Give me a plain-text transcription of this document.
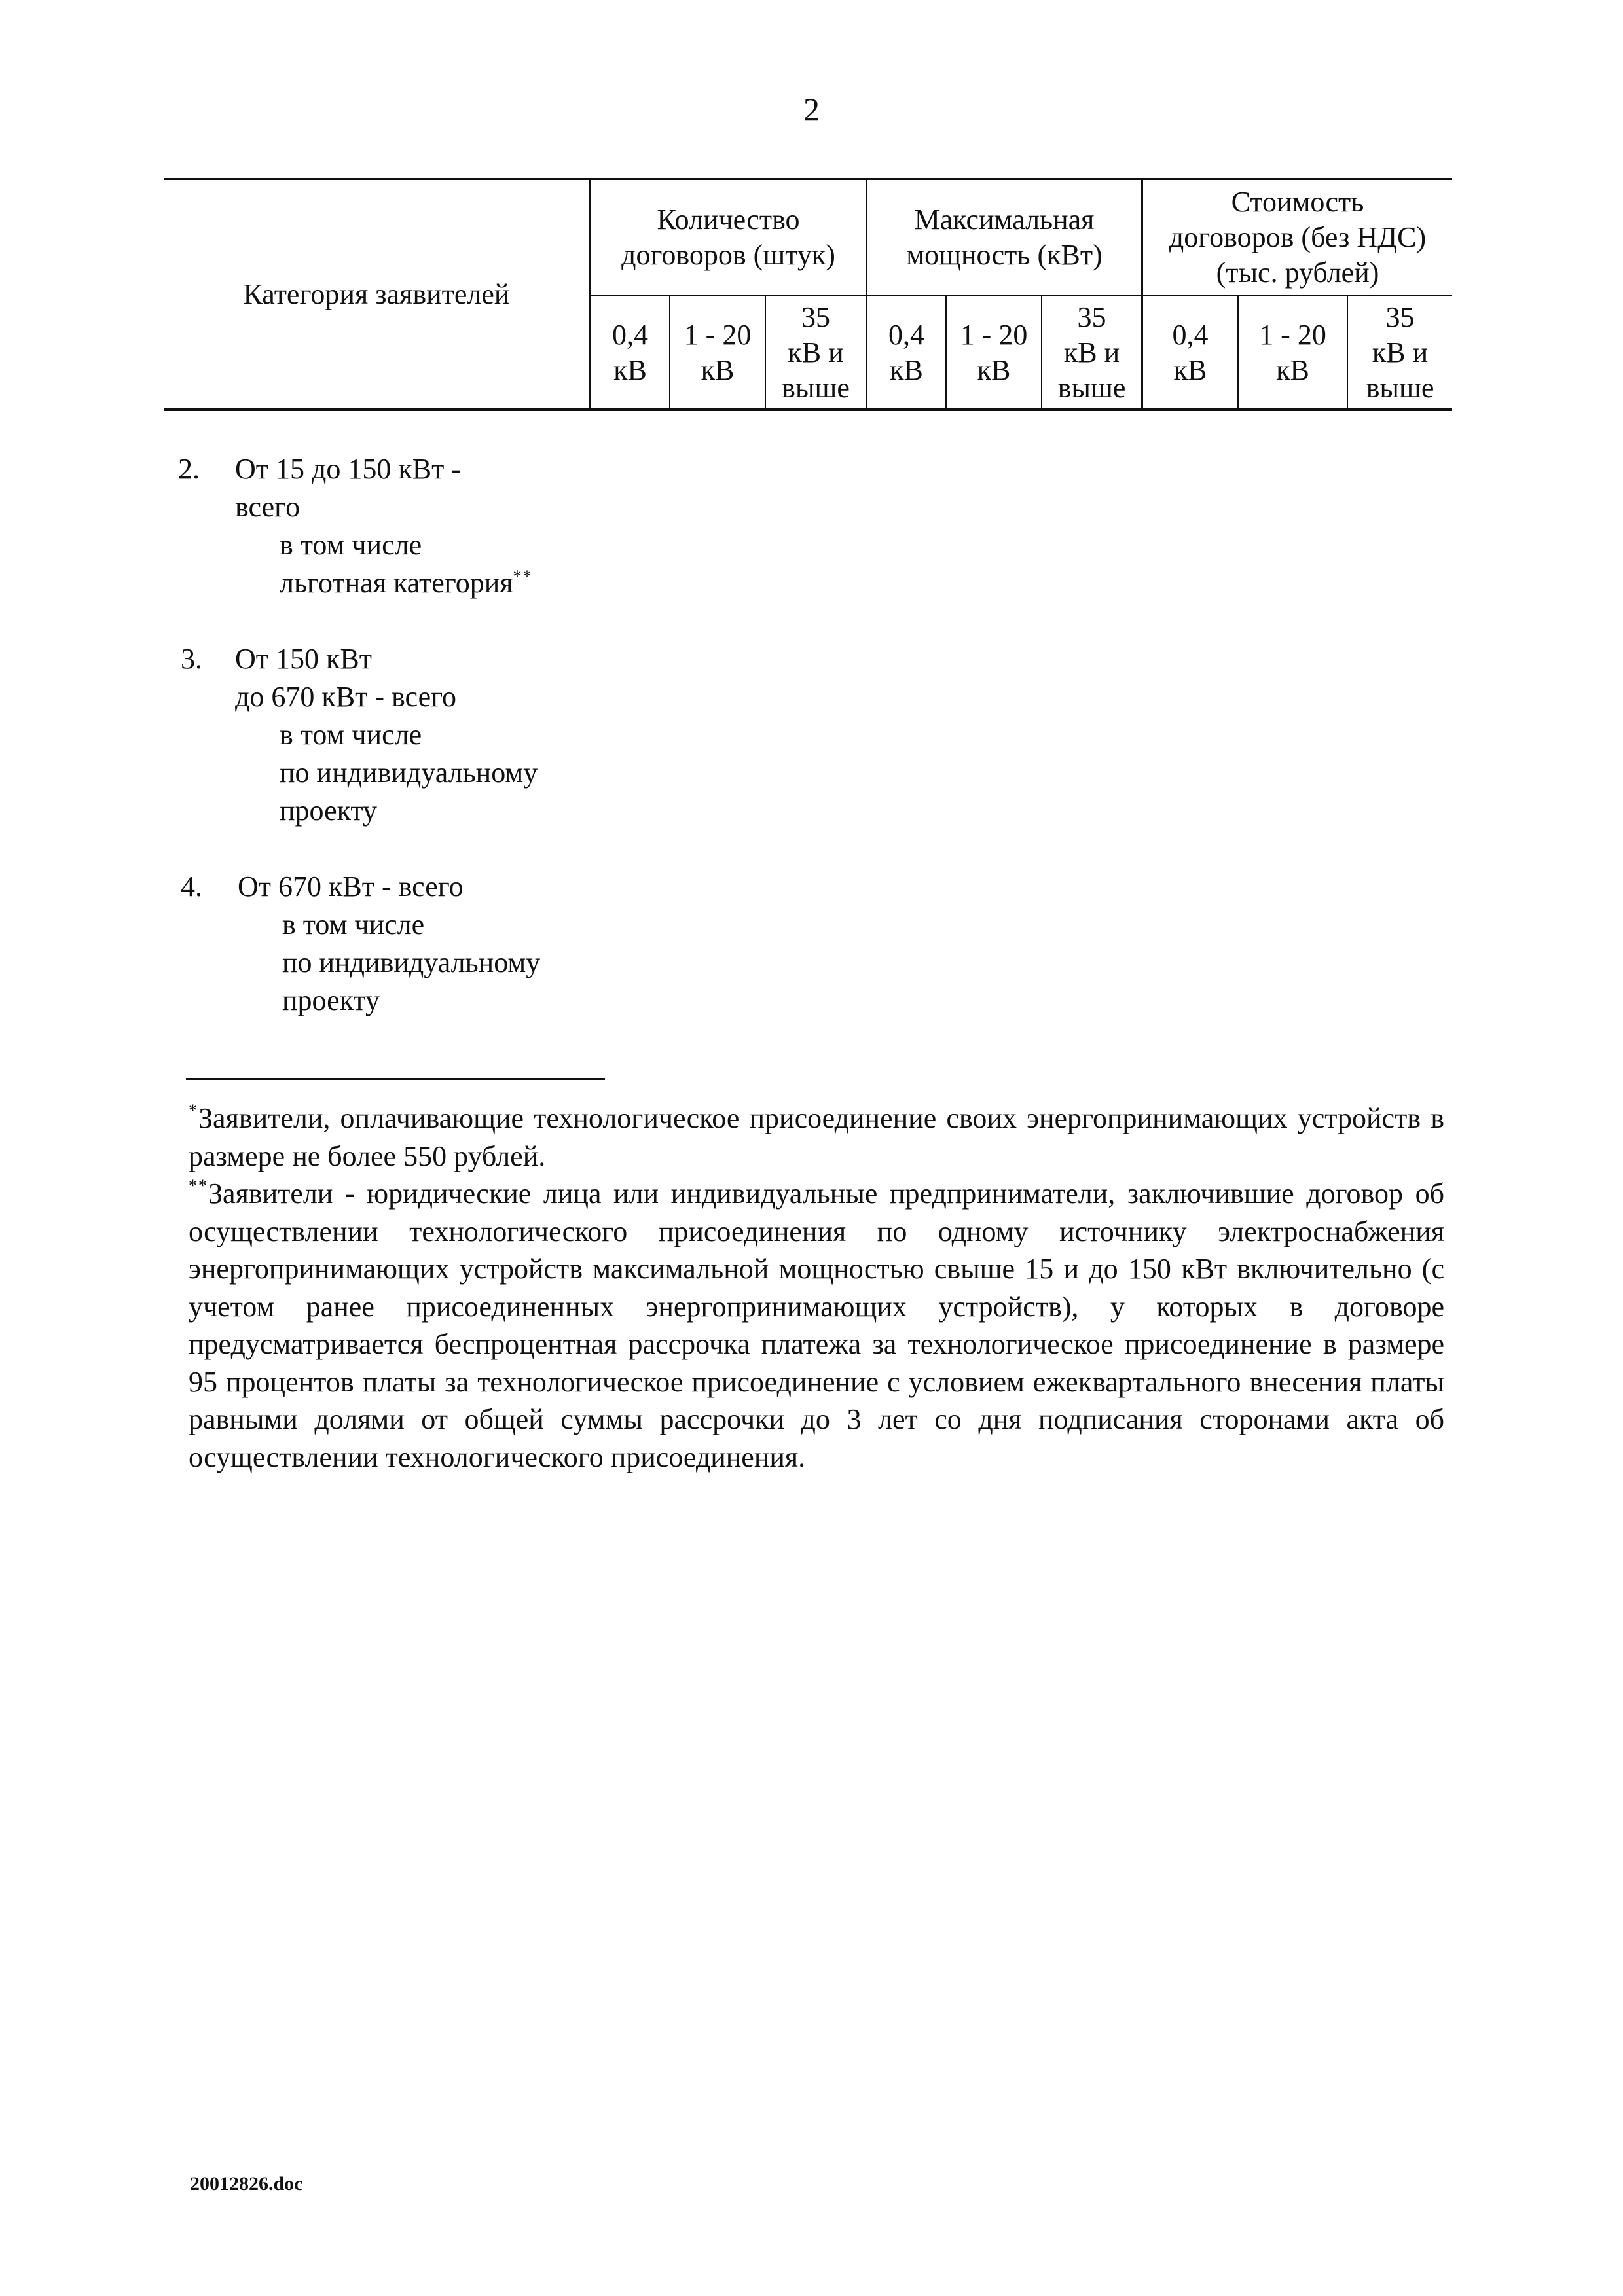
2
Категория заявителей
Количество
договоров (штук)
Максимальная
мощность (кВт)
Стоимость
договоров (без НДС)
(тыс. рублей)
0,4
кВ
1 - 20
кВ
35
кВ и
выше
0,4
кВ
1 - 20
кВ
35
кВ и
выше
0,4
кВ
1 - 20
кВ
35
кВ и
выше
2. От 15 до 150 кВт -
всего
в том числе
льготная категория**
3. От 150 кВт
до 670 кВт - всего
в том числе
по индивидуальному
проекту
4. От 670 кВт - всего
в том числе
по индивидуальному
проекту
*Заявители, оплачивающие технологическое присоединение своих энергопринимающих устройств в размере не более 550 рублей.
**Заявители - юридические лица или индивидуальные предприниматели, заключившие договор об осуществлении технологического присоединения по одному источнику электроснабжения энергопринимающих устройств максимальной мощностью свыше 15 и до 150 кВт включительно (с учетом ранее присоединенных энергопринимающих устройств), у которых в договоре предусматривается беспроцентная рассрочка платежа за технологическое присоединение в размере 95 процентов платы за технологическое присоединение с условием ежеквартального внесения платы равными долями от общей суммы рассрочки до 3 лет со дня подписания сторонами акта об осуществлении технологического присоединения.
20012826.doc
